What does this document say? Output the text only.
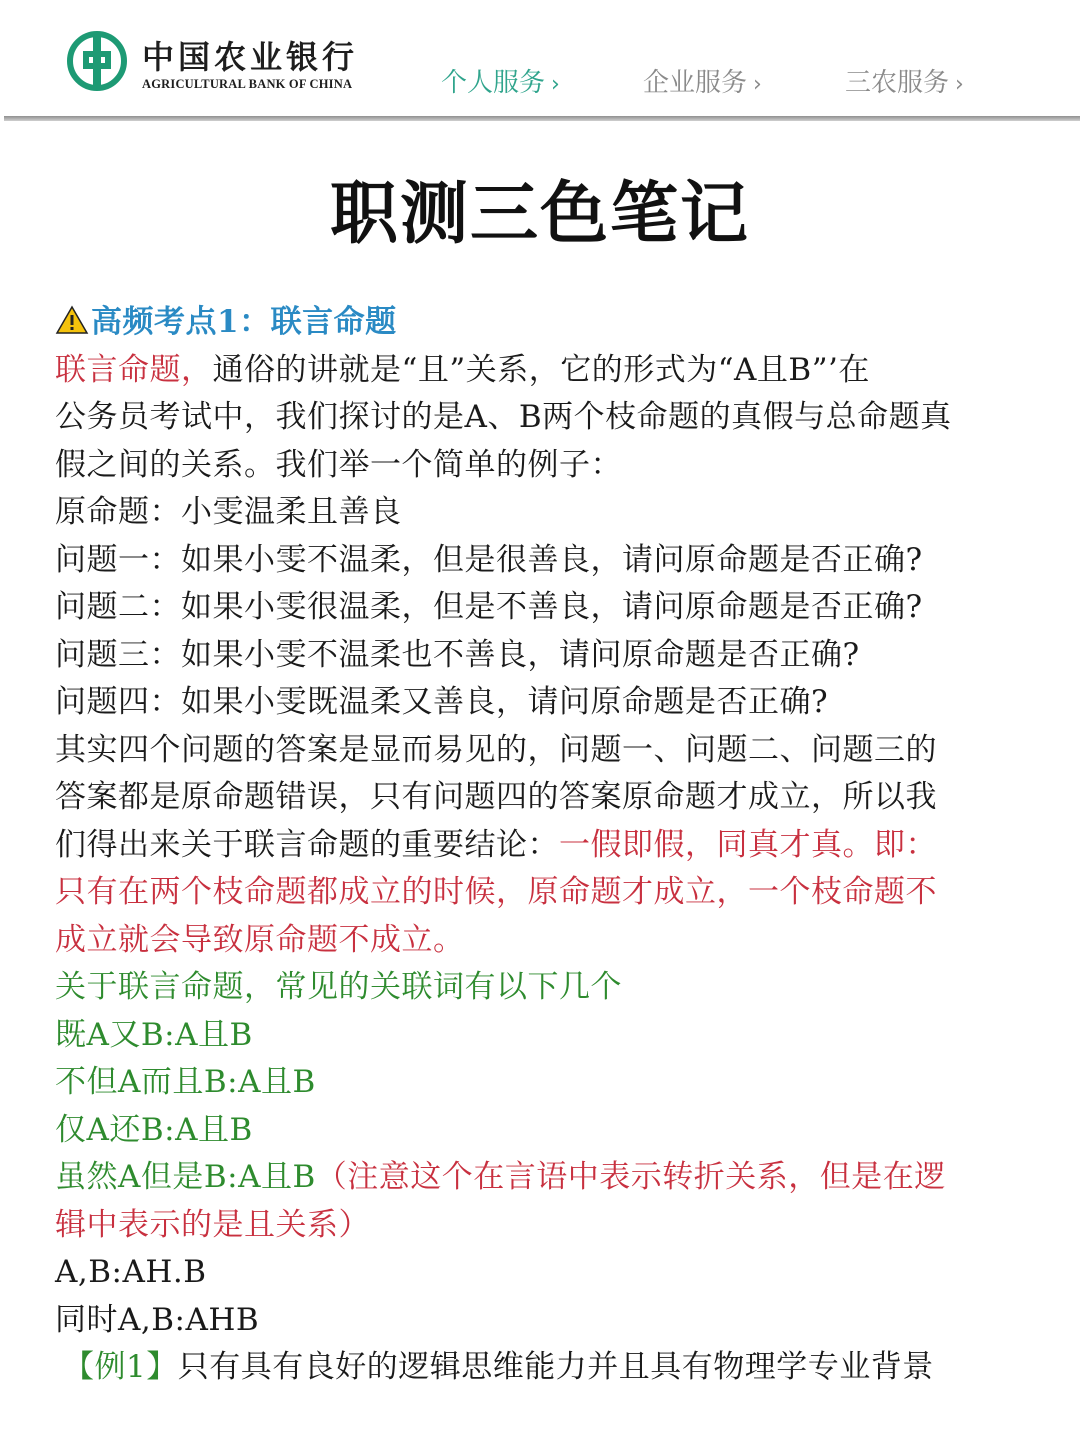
中国农业银行
AGRICULTURAL BANK OF CHINA	个人服务 ›	企业服务 ›	三农服务 ›
职测三色笔记

高频考点1：联言命题

联言命题，通俗的讲就是“且”关系，它的形式为“A且B”’在

公务员考试中，我们探讨的是A、B两个枝命题的真假与总命题真

假之间的关系。我们举一个简单的例子：

原命题：小雯温柔且善良

问题一：如果小雯不温柔，但是很善良，请问原命题是否正确?

问题二：如果小雯很温柔，但是不善良，请问原命题是否正确?

问题三：如果小雯不温柔也不善良，请问原命题是否正确?

问题四：如果小雯既温柔又善良，请问原命题是否正确?

其实四个问题的答案是显而易见的，问题一、问题二、问题三的

答案都是原命题错误，只有问题四的答案原命题才成立，所以我

们得出来关于联言命题的重要结论：一假即假，同真才真。即：

只有在两个枝命题都成立的时候，原命题才成立，一个枝命题不

成立就会导致原命题不成立。

关于联言命题，常见的关联词有以下几个

既A又B:A且B

不但A而且B:A且B

仅A还B:A且B

虽然A但是B:A且B（注意这个在言语中表示转折关系，但是在逻

辑中表示的是且关系）

A,B:AH.B

同时A,B:AHB

【例1】只有具有良好的逻辑思维能力并且具有物理学专业背景
